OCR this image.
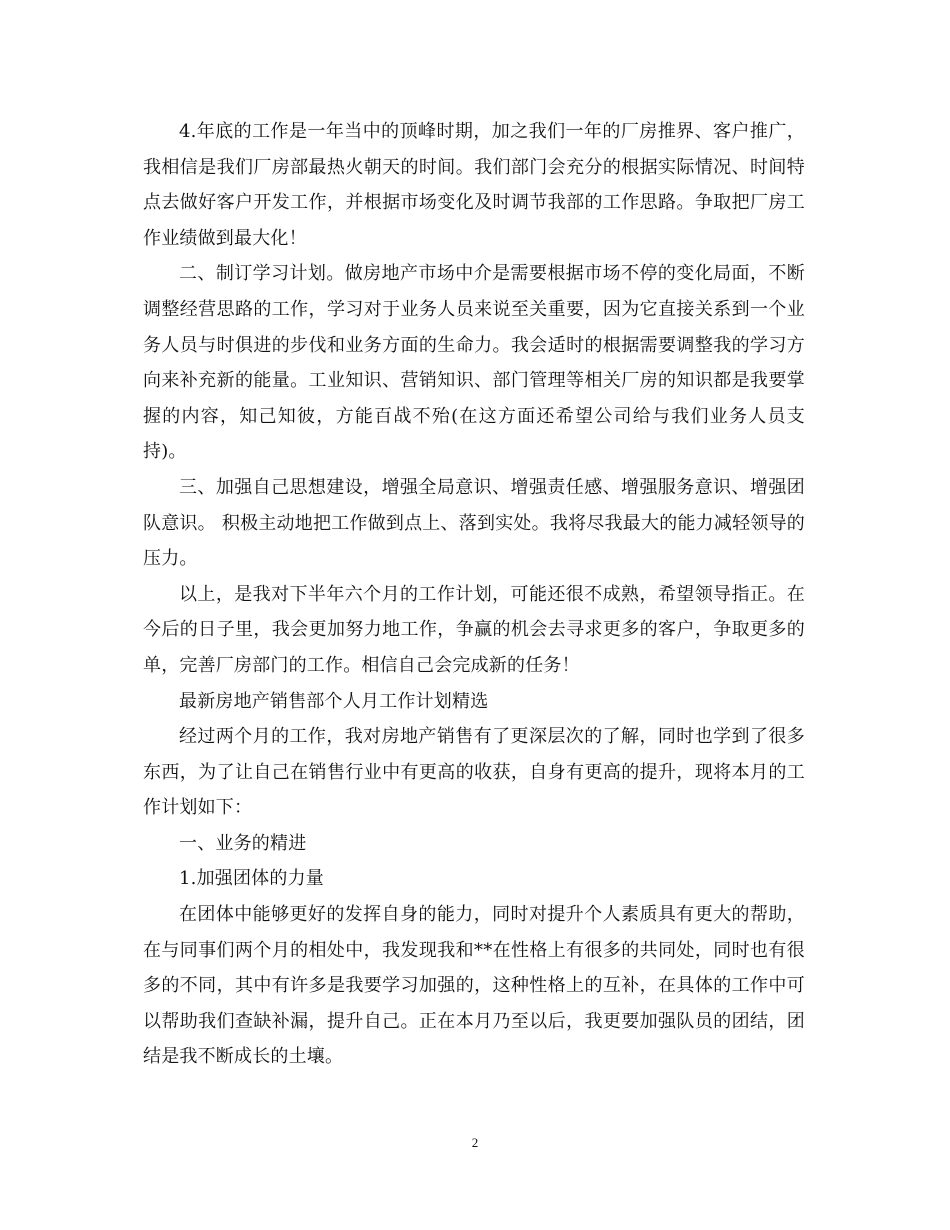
4.年底的工作是一年当中的顶峰时期，加之我们一年的厂房推界、客户推广，我相信是我们厂房部最热火朝天的时间。我们部门会充分的根据实际情况、时间特点去做好客户开发工作，并根据市场变化及时调节我部的工作思路。争取把厂房工作业绩做到最大化！

二、制订学习计划。做房地产市场中介是需要根据市场不停的变化局面，不断调整经营思路的工作，学习对于业务人员来说至关重要，因为它直接关系到一个业务人员与时俱进的步伐和业务方面的生命力。我会适时的根据需要调整我的学习方向来补充新的能量。工业知识、营销知识、部门管理等相关厂房的知识都是我要掌握的内容，知己知彼，方能百战不殆(在这方面还希望公司给与我们业务人员支持)。

三、加强自己思想建设，增强全局意识、增强责任感、增强服务意识、增强团队意识。 积极主动地把工作做到点上、落到实处。我将尽我最大的能力减轻领导的压力。

以上，是我对下半年六个月的工作计划，可能还很不成熟，希望领导指正。在今后的日子里，我会更加努力地工作，争赢的机会去寻求更多的客户，争取更多的单，完善厂房部门的工作。相信自己会完成新的任务！

最新房地产销售部个人月工作计划精选

经过两个月的工作，我对房地产销售有了更深层次的了解，同时也学到了很多东西，为了让自己在销售行业中有更高的收获，自身有更高的提升，现将本月的工作计划如下：

一、业务的精进

1.加强团体的力量

在团体中能够更好的发挥自身的能力，同时对提升个人素质具有更大的帮助，在与同事们两个月的相处中，我发现我和**在性格上有很多的共同处，同时也有很多的不同，其中有许多是我要学习加强的，这种性格上的互补，在具体的工作中可以帮助我们查缺补漏，提升自己。正在本月乃至以后，我更要加强队员的团结，团结是我不断成长的土壤。

2
